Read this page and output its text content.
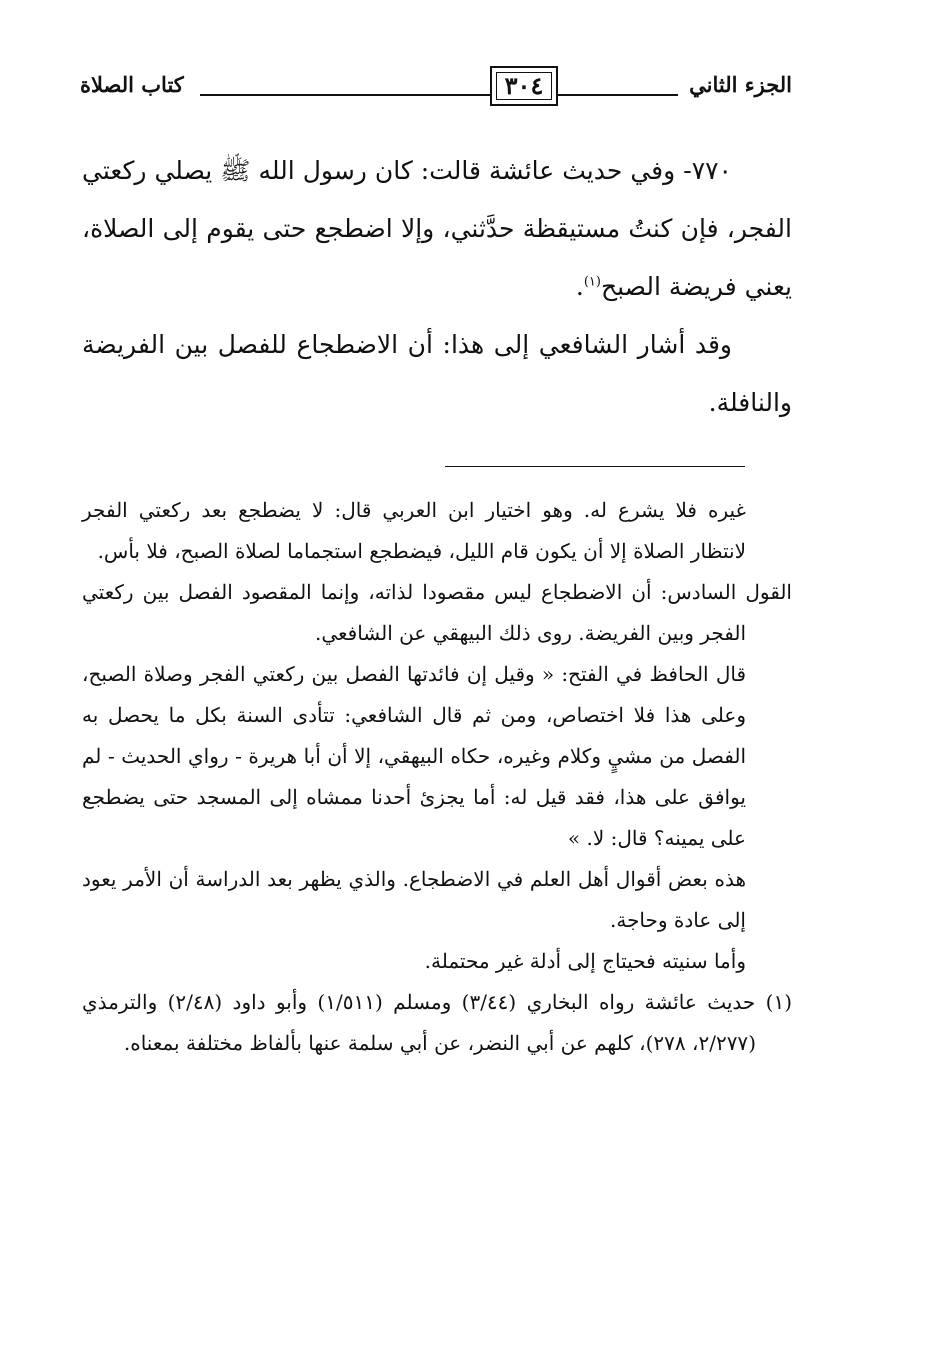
كتاب الصلاة	٣٠٤	الجزء الثاني

٧٧٠- وفي حديث عائشة قالت: كان رسول الله ﷺ يصلي ركعتي الفجر، فإن كنتُ مستيقظة حدَّثني، وإلا اضطجع حتى يقوم إلى الصلاة، يعني فريضة الصبح$^{(١)}$.

وقد أشار الشافعي إلى هذا: أن الاضطجاع للفصل بين الفريضة والنافلة.

غيره فلا يشرع له. وهو اختيار ابن العربي قال: لا يضطجع بعد ركعتي الفجر لانتظار الصلاة إلا أن يكون قام الليل، فيضطجع استجماما لصلاة الصبح، فلا بأس.

القول السادس: أن الاضطجاع ليس مقصودا لذاته، وإنما المقصود الفصل بين ركعتي الفجر وبين الفريضة. روى ذلك البيهقي عن الشافعي.

قال الحافظ في الفتح: « وقيل إن فائدتها الفصل بين ركعتي الفجر وصلاة الصبح، وعلى هذا فلا اختصاص، ومن ثم قال الشافعي: تتأدى السنة بكل ما يحصل به الفصل من مشيٍ وكلام وغيره، حكاه البيهقي، إلا أن أبا هريرة - رواي الحديث - لم يوافق على هذا، فقد قيل له: أما يجزئ أحدنا ممشاه إلى المسجد حتى يضطجع على يمينه؟ قال: لا. »

هذه بعض أقوال أهل العلم في الاضطجاع. والذي يظهر بعد الدراسة أن الأمر يعود إلى عادة وحاجة.

وأما سنيته فحيتاج إلى أدلة غير محتملة.

(١) حديث عائشة رواه البخاري (٣/٤٤) ومسلم (١/٥١١) وأبو داود (٢/٤٨) والترمذي (٢/٢٧٧، ٢٧٨)، كلهم عن أبي النضر، عن أبي سلمة عنها بألفاظ مختلفة بمعناه.
